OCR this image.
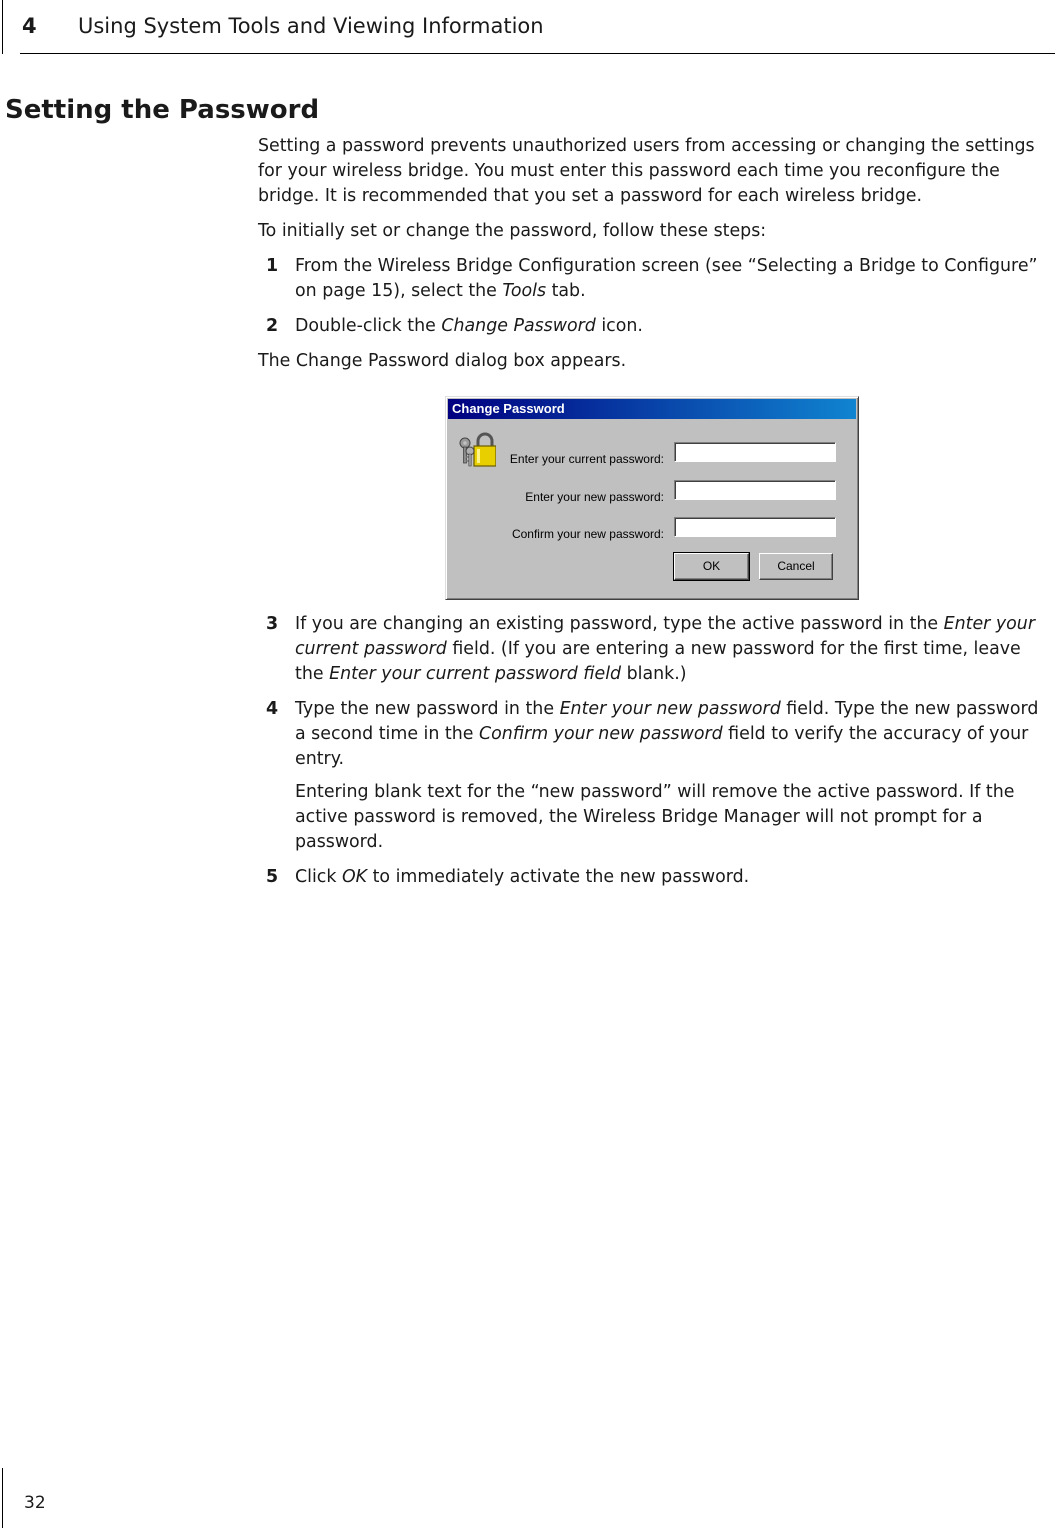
4 Using System Tools and Viewing Information
Setting the Password

Setting a password prevents unauthorized users from accessing or changing the settings for your wireless bridge. You must enter this password each time you reconfigure the bridge. It is recommended that you set a password for each wireless bridge.

To initially set or change the password, follow these steps:

1 From the Wireless Bridge Configuration screen (see “Selecting a Bridge to Configure” on page 15), select the Tools tab.
2 Double-click the Change Password icon.

The Change Password dialog box appears.

Change Password
Enter your current password:
Enter your new password:
Confirm your new password:
OK	Cancel
3 If you are changing an existing password, type the active password in the Enter your current password field. (If you are entering a new password for the first time, leave the Enter your current password field blank.)
4 Type the new password in the Enter your new password field. Type the new password a second time in the Confirm your new password field to verify the accuracy of your entry.
Entering blank text for the “new password” will remove the active password. If the active password is removed, the Wireless Bridge Manager will not prompt for a password.
5 Click OK to immediately activate the new password.
32
